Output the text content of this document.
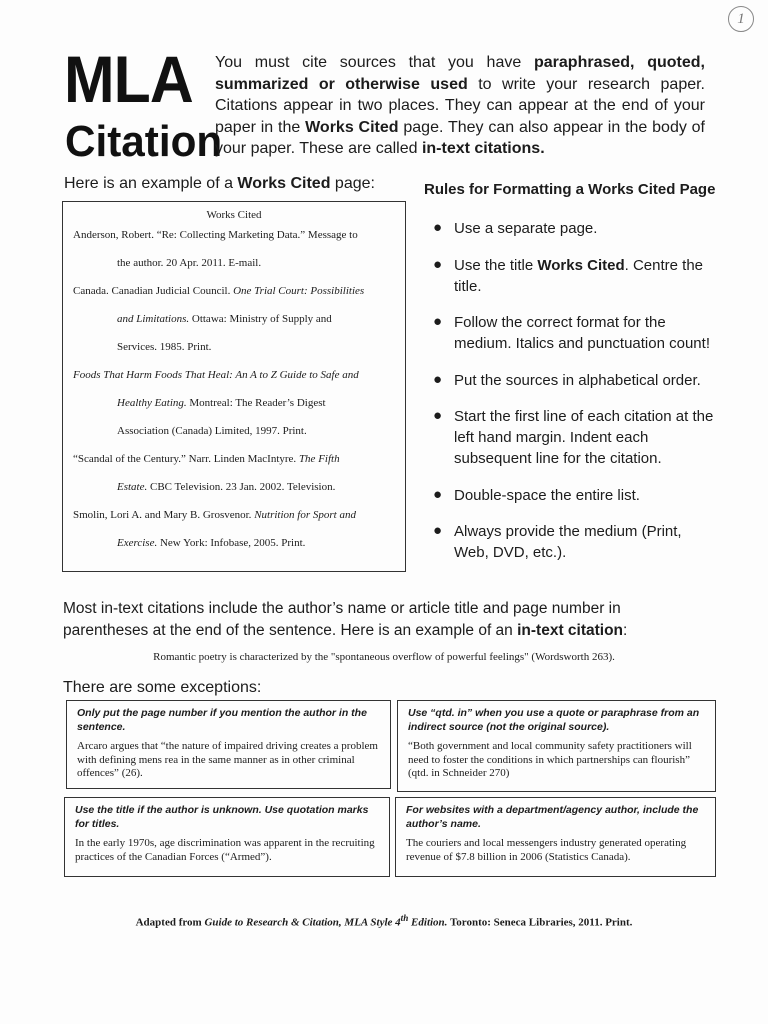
1
MLA
Citation
You must cite sources that you have paraphrased, quoted, summarized or otherwise used to write your research paper. Citations appear in two places. They can appear at the end of your paper in the Works Cited page. They can also appear in the body of your paper. These are called in-text citations.
Here is an example of a Works Cited page:	Rules for Formatting a Works Cited Page
Works Cited
Anderson, Robert. “Re: Collecting Marketing Data.” Message to
the author. 20 Apr. 2011. E-mail.
Canada. Canadian Judicial Council. One Trial Court: Possibilities
and Limitations. Ottawa: Ministry of Supply and
Services. 1985. Print.
Foods That Harm Foods That Heal: An A to Z Guide to Safe and
Healthy Eating. Montreal: The Reader’s Digest
Association (Canada) Limited, 1997. Print.
“Scandal of the Century.” Narr. Linden MacIntyre. The Fifth
Estate. CBC Television. 23 Jan. 2002. Television.
Smolin, Lori A. and Mary B. Grosvenor. Nutrition for Sport and
Exercise. New York: Infobase, 2005. Print.
● Use a separate page.
● Use the title Works Cited. Centre the title.
● Follow the correct format for the medium. Italics and punctuation count!
● Put the sources in alphabetical order.
● Start the first line of each citation at the left hand margin. Indent each subsequent line for the citation.
● Double-space the entire list.
● Always provide the medium (Print, Web, DVD, etc.).
Most in-text citations include the author’s name or article title and page number in parentheses at the end of the sentence. Here is an example of an in-text citation:
Romantic poetry is characterized by the "spontaneous overflow of powerful feelings" (Wordsworth 263).
There are some exceptions:
Only put the page number if you mention the author in the sentence.
Arcaro argues that “the nature of impaired driving creates a problem with defining mens rea in the same manner as in other criminal offences” (26).
Use “qtd. in” when you use a quote or paraphrase from an indirect source (not the original source).
“Both government and local community safety practitioners will need to foster the conditions in which partnerships can flourish” (qtd. in Schneider 270)
Use the title if the author is unknown. Use quotation marks for titles.
In the early 1970s, age discrimination was apparent in the recruiting practices of the Canadian Forces (“Armed”).
For websites with a department/agency author, include the author’s name.
The couriers and local messengers industry generated operating revenue of $7.8 billion in 2006 (Statistics Canada).
Adapted from Guide to Research & Citation, MLA Style 4th Edition. Toronto: Seneca Libraries, 2011. Print.
